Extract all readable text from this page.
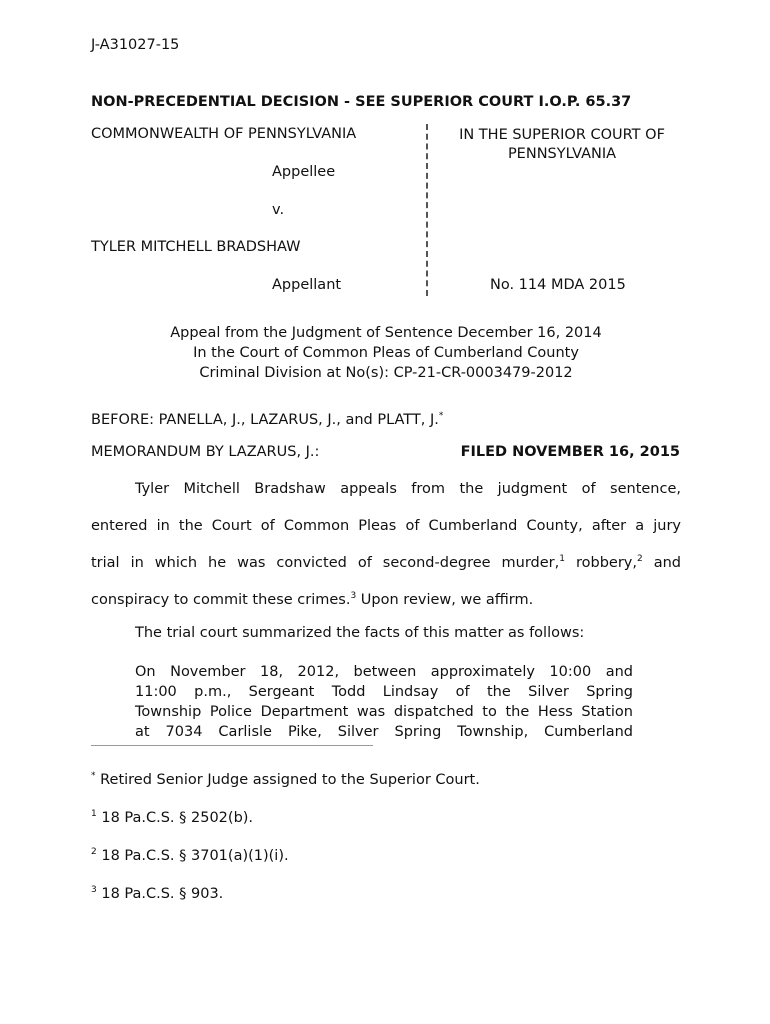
J-A31027-15
NON-PRECEDENTIAL DECISION - SEE SUPERIOR COURT I.O.P. 65.37
COMMONWEALTH OF PENNSYLVANIA
Appellee
v.
TYLER MITCHELL BRADSHAW
Appellant
IN THE SUPERIOR COURT OF PENNSYLVANIA
No. 114 MDA 2015
Appeal from the Judgment of Sentence December 16, 2014
In the Court of Common Pleas of Cumberland County
Criminal Division at No(s): CP-21-CR-0003479-2012
BEFORE: PANELLA, J., LAZARUS, J., and PLATT, J.*
MEMORANDUM BY LAZARUS, J.:	FILED NOVEMBER 16, 2015
Tyler Mitchell Bradshaw appeals from the judgment of sentence,
entered in the Court of Common Pleas of Cumberland County, after a jury
trial in which he was convicted of second-degree murder,$^1$ robbery,$^2$ and
conspiracy to commit these crimes.$^3$ Upon review, we affirm.
The trial court summarized the facts of this matter as follows:
On November 18, 2012, between approximately 10:00 and
11:00 p.m., Sergeant Todd Lindsay of the Silver Spring
Township Police Department was dispatched to the Hess Station
at 7034 Carlisle Pike, Silver Spring Township, Cumberland
* Retired Senior Judge assigned to the Superior Court.
$^1$ 18 Pa.C.S. § 2502(b).
$^2$ 18 Pa.C.S. § 3701(a)(1)(i).
$^3$ 18 Pa.C.S. § 903.
